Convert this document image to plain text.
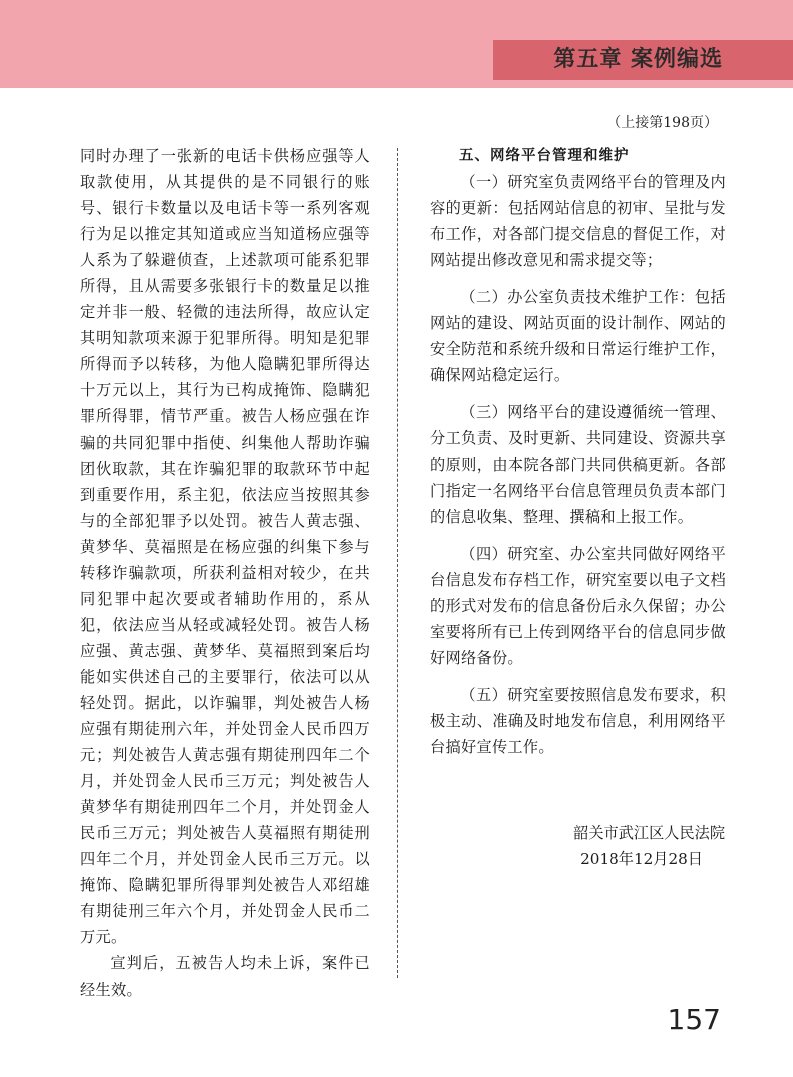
第五章 案例编选
（上接第198页）

同时办理了一张新的电话卡供杨应强等人取款使用，从其提供的是不同银行的账号、银行卡数量以及电话卡等一系列客观行为足以推定其知道或应当知道杨应强等人系为了躲避侦查，上述款项可能系犯罪所得，且从需要多张银行卡的数量足以推定并非一般、轻微的违法所得，故应认定其明知款项来源于犯罪所得。明知是犯罪所得而予以转移，为他人隐瞒犯罪所得达十万元以上，其行为已构成掩饰、隐瞒犯罪所得罪，情节严重。被告人杨应强在诈骗的共同犯罪中指使、纠集他人帮助诈骗团伙取款，其在诈骗犯罪的取款环节中起到重要作用，系主犯，依法应当按照其参与的全部犯罪予以处罚。被告人黄志强、黄梦华、莫福照是在杨应强的纠集下参与转移诈骗款项，所获利益相对较少，在共同犯罪中起次要或者辅助作用的，系从犯，依法应当从轻或减轻处罚。被告人杨应强、黄志强、黄梦华、莫福照到案后均能如实供述自己的主要罪行，依法可以从轻处罚。据此，以诈骗罪，判处被告人杨应强有期徒刑六年，并处罚金人民币四万元；判处被告人黄志强有期徒刑四年二个月，并处罚金人民币三万元；判处被告人黄梦华有期徒刑四年二个月，并处罚金人民币三万元；判处被告人莫福照有期徒刑四年二个月，并处罚金人民币三万元。以掩饰、隐瞒犯罪所得罪判处被告人邓绍雄有期徒刑三年六个月，并处罚金人民币二万元。

宣判后，五被告人均未上诉，案件已经生效。

五、网络平台管理和维护

（一）研究室负责网络平台的管理及内容的更新：包括网站信息的初审、呈批与发布工作，对各部门提交信息的督促工作，对网站提出修改意见和需求提交等；

（二）办公室负责技术维护工作：包括网站的建设、网站页面的设计制作、网站的安全防范和系统升级和日常运行维护工作，确保网站稳定运行。

（三）网络平台的建设遵循统一管理、分工负责、及时更新、共同建设、资源共享的原则，由本院各部门共同供稿更新。各部门指定一名网络平台信息管理员负责本部门的信息收集、整理、撰稿和上报工作。

（四）研究室、办公室共同做好网络平台信息发布存档工作，研究室要以电子文档的形式对发布的信息备份后永久保留；办公室要将所有已上传到网络平台的信息同步做好网络备份。

（五）研究室要按照信息发布要求，积极主动、准确及时地发布信息，利用网络平台搞好宣传工作。

韶关市武江区人民法院
2018年12月28日
157
